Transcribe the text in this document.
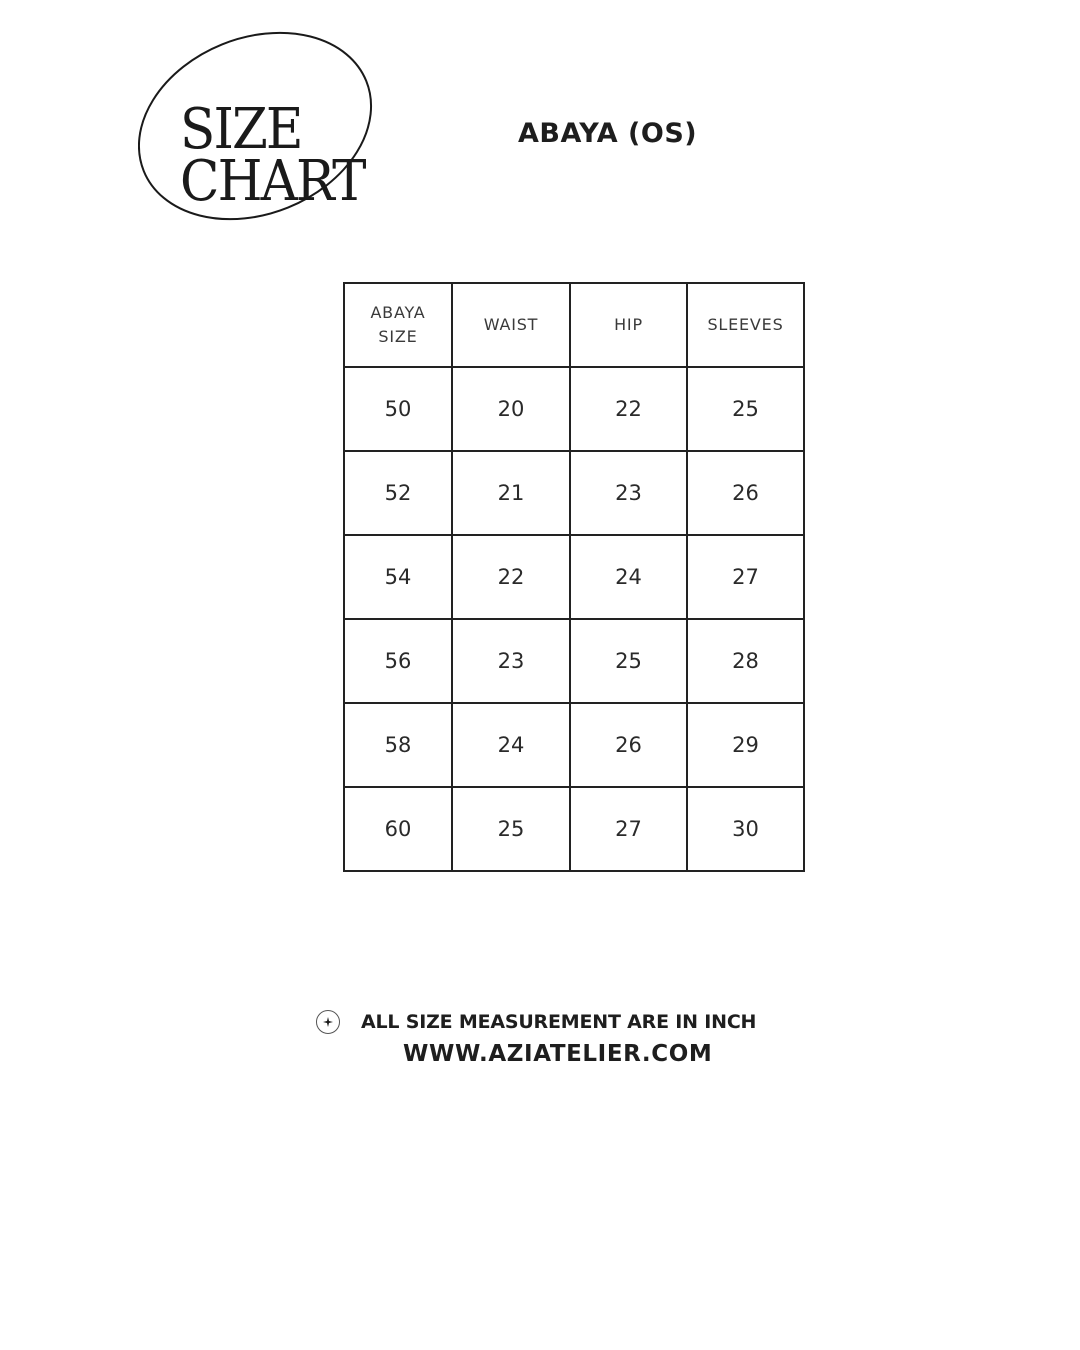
SIZE
CHART
ABAYA (OS)
ABAYA
SIZE	WAIST	HIP	SLEEVES
50	20	22	25
52	21	23	26
54	22	24	27
56	23	25	28
58	24	26	29
60	25	27	30
ALL SIZE MEASUREMENT ARE IN INCH
WWW.AZIATELIER.COM
